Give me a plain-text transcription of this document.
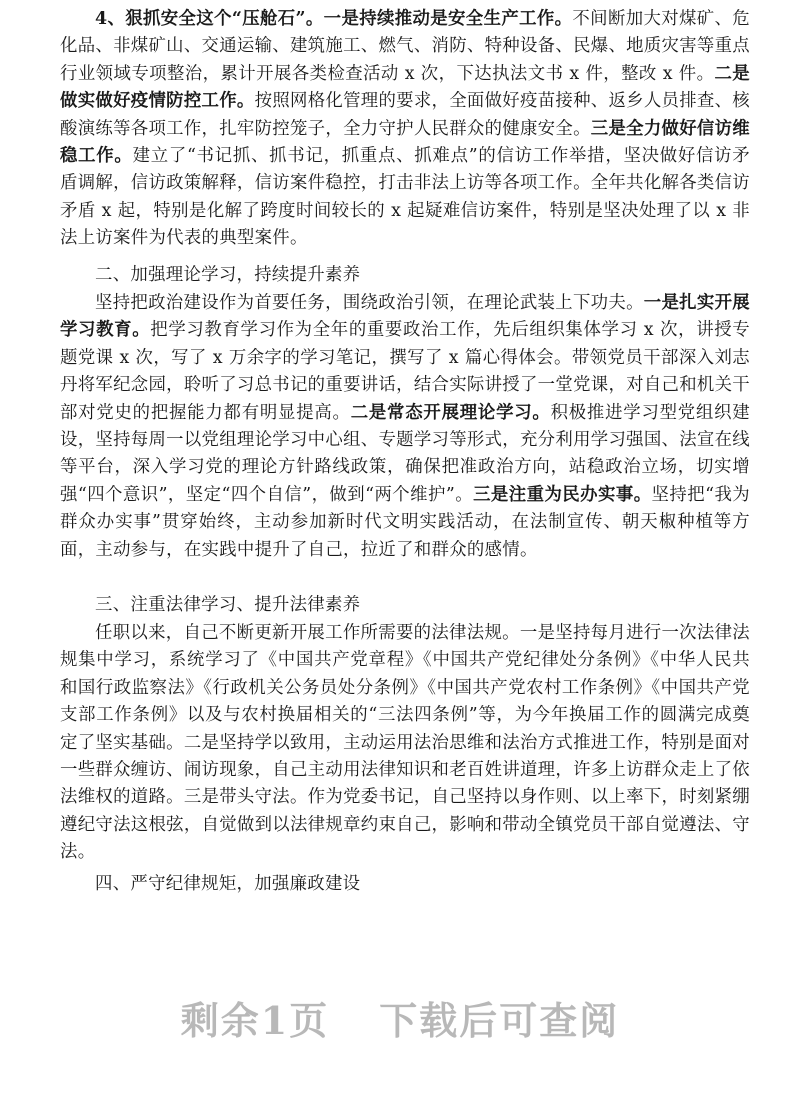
4、狠抓安全这个“压舱石”。一是持续推动是安全生产工作。不间断加大对煤矿、危化品、非煤矿山、交通运输、建筑施工、燃气、消防、特种设备、民爆、地质灾害等重点行业领域专项整治，累计开展各类检查活动 x 次，下达执法文书 x 件，整改 x 件。二是做实做好疫情防控工作。按照网格化管理的要求，全面做好疫苗接种、返乡人员排查、核酸演练等各项工作，扎牢防控笼子，全力守护人民群众的健康安全。三是全力做好信访维稳工作。建立了“书记抓、抓书记，抓重点、抓难点”的信访工作举措，坚决做好信访矛盾调解，信访政策解释，信访案件稳控，打击非法上访等各项工作。全年共化解各类信访矛盾 x 起，特别是化解了跨度时间较长的 x 起疑难信访案件，特别是坚决处理了以 x 非法上访案件为代表的典型案件。

二、加强理论学习，持续提升素养

坚持把政治建设作为首要任务，围绕政治引领，在理论武装上下功夫。一是扎实开展学习教育。把学习教育学习作为全年的重要政治工作，先后组织集体学习 x 次，讲授专题党课 x 次，写了 x 万余字的学习笔记，撰写了 x 篇心得体会。带领党员干部深入刘志丹将军纪念园，聆听了习总书记的重要讲话，结合实际讲授了一堂党课，对自己和机关干部对党史的把握能力都有明显提高。二是常态开展理论学习。积极推进学习型党组织建设，坚持每周一以党组理论学习中心组、专题学习等形式，充分利用学习强国、法宣在线等平台，深入学习党的理论方针路线政策，确保把准政治方向，站稳政治立场，切实增强“四个意识”，坚定“四个自信”，做到“两个维护”。三是注重为民办实事。坚持把“我为群众办实事”贯穿始终，主动参加新时代文明实践活动，在法制宣传、朝天椒种植等方面，主动参与，在实践中提升了自己，拉近了和群众的感情。

三、注重法律学习、提升法律素养

任职以来，自己不断更新开展工作所需要的法律法规。一是坚持每月进行一次法律法规集中学习，系统学习了《中国共产党章程》《中国共产党纪律处分条例》《中华人民共和国行政监察法》《行政机关公务员处分条例》《中国共产党农村工作条例》《中国共产党支部工作条例》以及与农村换届相关的“三法四条例”等，为今年换届工作的圆满完成奠定了坚实基础。二是坚持学以致用，主动运用法治思维和法治方式推进工作，特别是面对一些群众缠访、闹访现象，自己主动用法律知识和老百姓讲道理，许多上访群众走上了依法维权的道路。三是带头守法。作为党委书记，自己坚持以身作则、以上率下，时刻紧绷遵纪守法这根弦，自觉做到以法律规章约束自己，影响和带动全镇党员干部自觉遵法、守法。

四、严守纪律规矩，加强廉政建设

剩余1页 下载后可查阅
